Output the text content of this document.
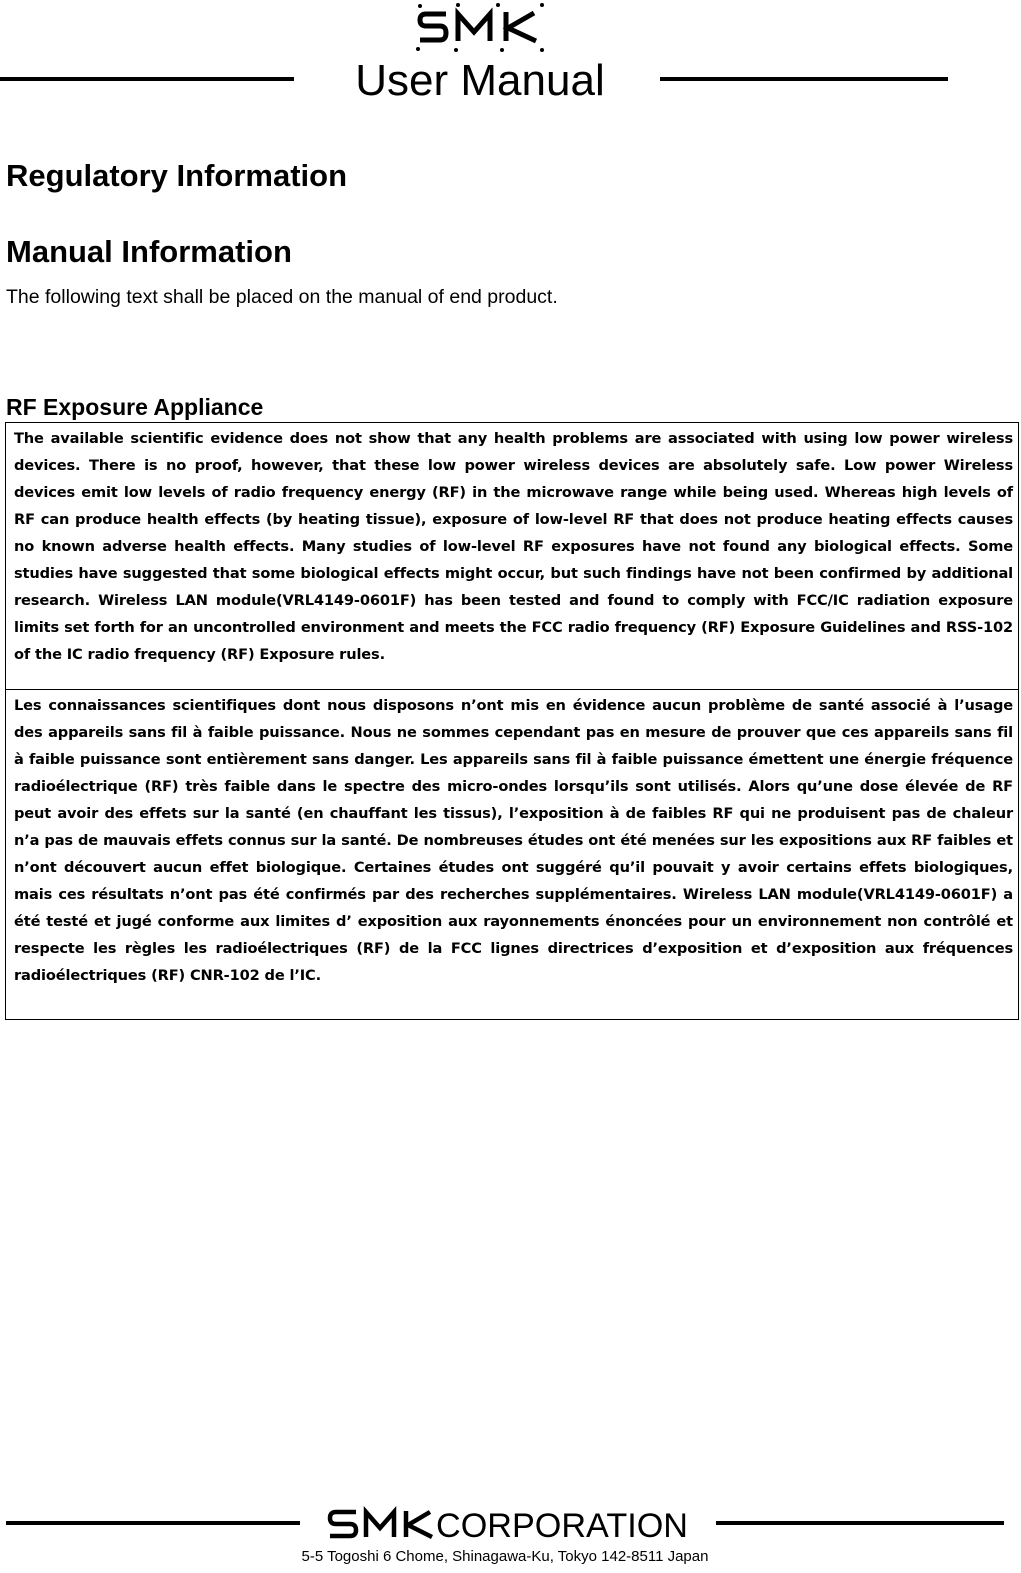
User Manual
Regulatory Information
Manual Information
The following text shall be placed on the manual of end product.
RF Exposure Appliance
The available scientific evidence does not show that any health problems are associated with using low power wireless devices. There is no proof, however, that these low power wireless devices are absolutely safe. Low power Wireless devices emit low levels of radio frequency energy (RF) in the microwave range while being used. Whereas high levels of RF can produce health effects (by heating tissue), exposure of low-level RF that does not produce heating effects causes no known adverse health effects. Many studies of low-level RF exposures have not found any biological effects. Some studies have suggested that some biological effects might occur, but such findings have not been confirmed by additional research. Wireless LAN module(VRL4149-0601F) has been tested and found to comply with FCC/IC radiation exposure limits set forth for an uncontrolled environment and meets the FCC radio frequency (RF) Exposure Guidelines and RSS-102 of the IC radio frequency (RF) Exposure rules.
Les connaissances scientifiques dont nous disposons n’ont mis en évidence aucun problème de santé associé à l’usage des appareils sans fil à faible puissance. Nous ne sommes cependant pas en mesure de prouver que ces appareils sans fil à faible puissance sont entièrement sans danger. Les appareils sans fil à faible puissance émettent une énergie fréquence radioélectrique (RF) très faible dans le spectre des micro-ondes lorsqu’ils sont utilisés. Alors qu’une dose élevée de RF peut avoir des effets sur la santé (en chauffant les tissus), l’exposition à de faibles RF qui ne produisent pas de chaleur n’a pas de mauvais effets connus sur la santé. De nombreuses études ont été menées sur les expositions aux RF faibles et n’ont découvert aucun effet biologique. Certaines études ont suggéré qu’il pouvait y avoir certains effets biologiques, mais ces résultats n’ont pas été confirmés par des recherches supplémentaires. Wireless LAN module(VRL4149-0601F) a été testé et jugé conforme aux limites d’ exposition aux rayonnements énoncées pour un environnement non contrôlé et respecte les règles les radioélectriques (RF) de la FCC lignes directrices d’exposition et d’exposition aux fréquences radioélectriques (RF) CNR-102 de l’IC.
CORPORATION
5-5 Togoshi 6 Chome, Shinagawa-Ku, Tokyo 142-8511 Japan
